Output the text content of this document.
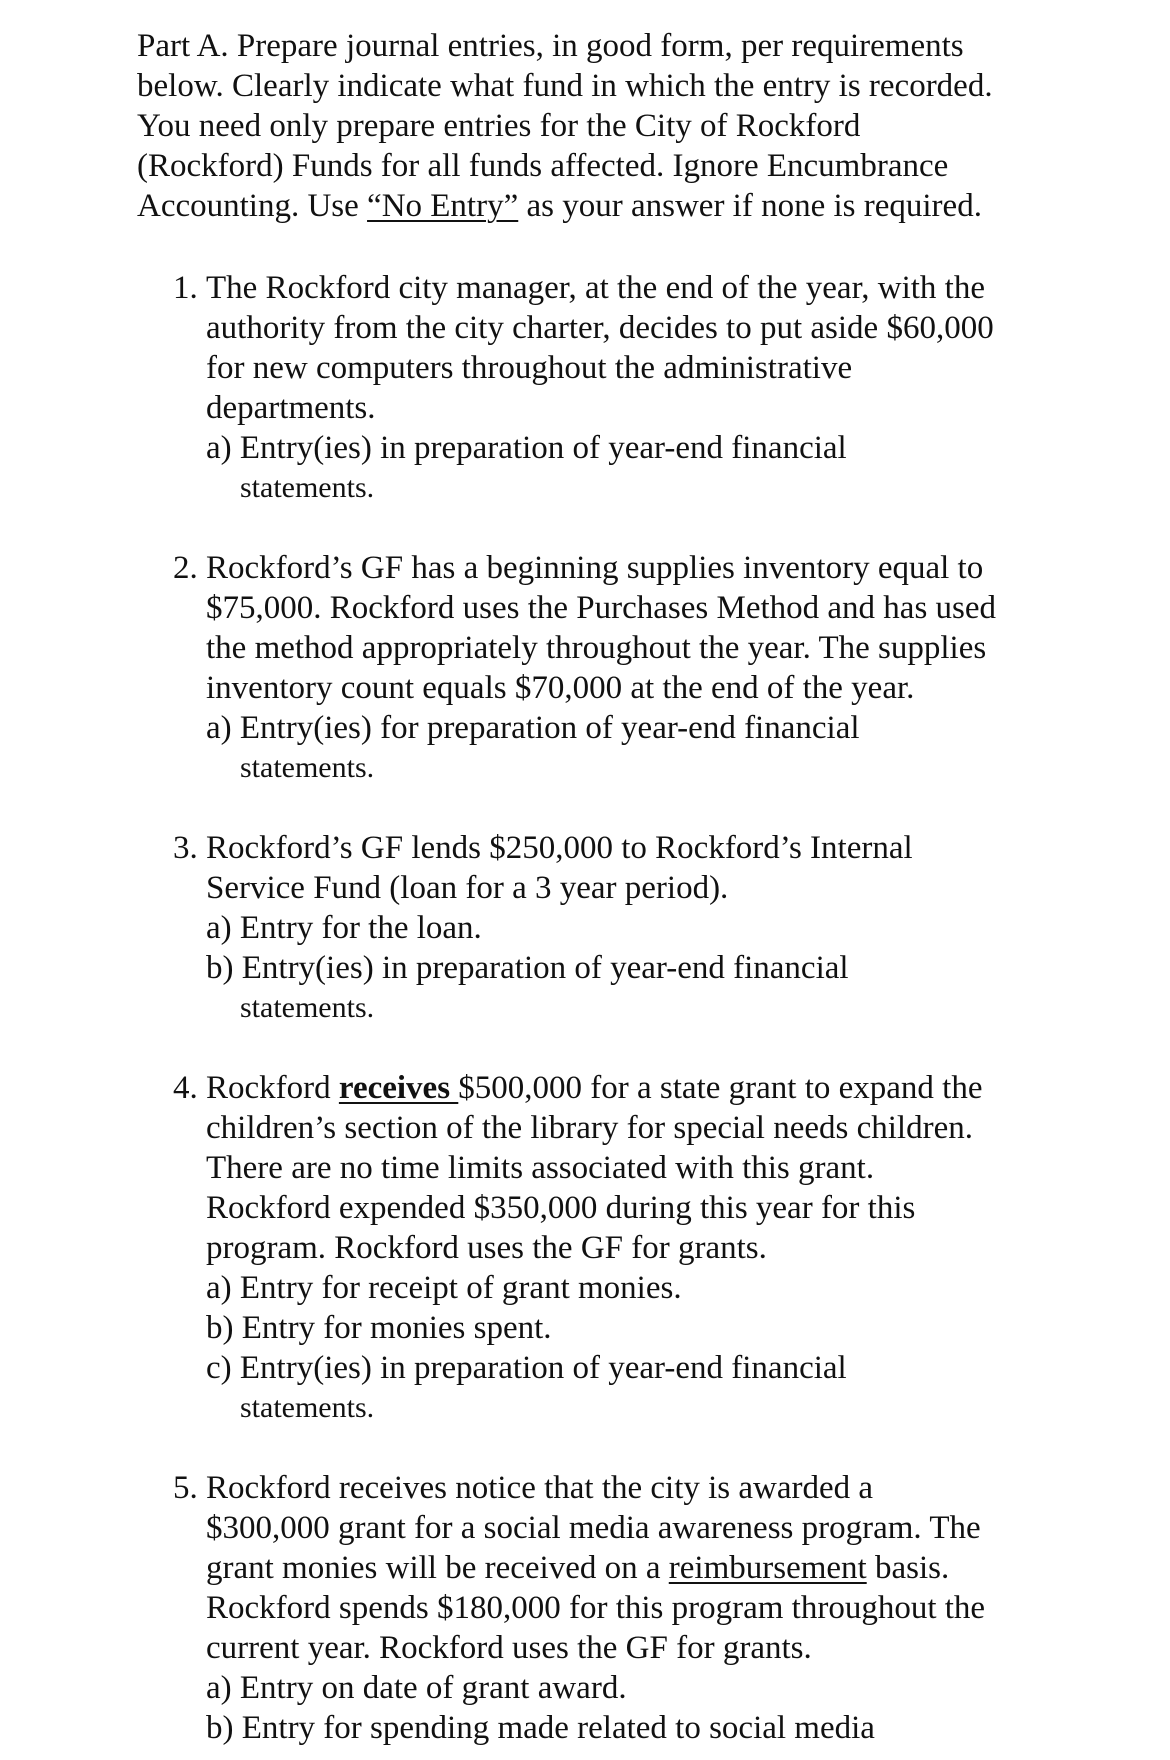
Part A. Prepare journal entries, in good form, per requirements
below. Clearly indicate what fund in which the entry is recorded.
You need only prepare entries for the City of Rockford
(Rockford) Funds for all funds affected. Ignore Encumbrance
Accounting. Use “No Entry” as your answer if none is required.
1. The Rockford city manager, at the end of the year, with the
authority from the city charter, decides to put aside $60,000
for new computers throughout the administrative
departments.
a) Entry(ies) in preparation of year-end financial
statements.
2. Rockford’s GF has a beginning supplies inventory equal to
$75,000. Rockford uses the Purchases Method and has used
the method appropriately throughout the year. The supplies
inventory count equals $70,000 at the end of the year.
a) Entry(ies) for preparation of year-end financial
statements.
3. Rockford’s GF lends $250,000 to Rockford’s Internal
Service Fund (loan for a 3 year period).
a) Entry for the loan.
b) Entry(ies) in preparation of year-end financial
statements.
4. Rockford receives $500,000 for a state grant to expand the
children’s section of the library for special needs children.
There are no time limits associated with this grant.
Rockford expended $350,000 during this year for this
program. Rockford uses the GF for grants.
a) Entry for receipt of grant monies.
b) Entry for monies spent.
c) Entry(ies) in preparation of year-end financial
statements.
5. Rockford receives notice that the city is awarded a
$300,000 grant for a social media awareness program. The
grant monies will be received on a reimbursement basis.
Rockford spends $180,000 for this program throughout the
current year. Rockford uses the GF for grants.
a) Entry on date of grant award.
b) Entry for spending made related to social media
